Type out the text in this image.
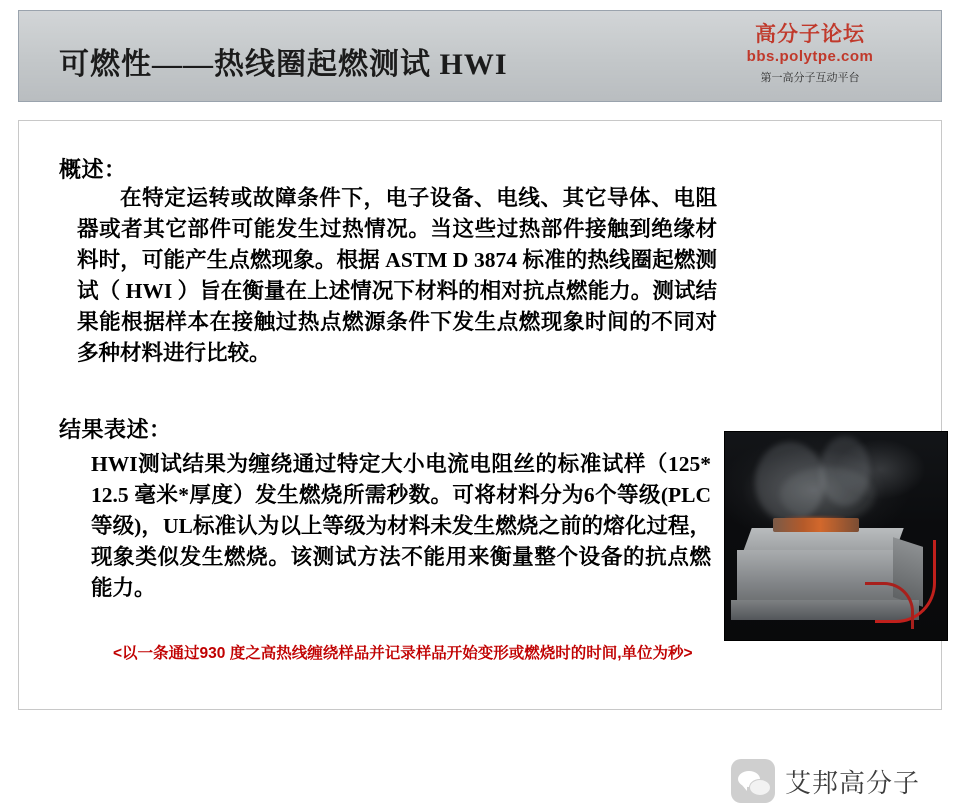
可燃性——热线圈起燃测试 HWI
高分子论坛
bbs.polytpe.com
第一高分子互动平台
概述：
在特定运转或故障条件下，电子设备、电线、其它导体、电阻器或者其它部件可能发生过热情况。当这些过热部件接触到绝缘材料时，可能产生点燃现象。根据 ASTM D 3874 标准的热线圈起燃测试（ HWI ）旨在衡量在上述情况下材料的相对抗点燃能力。测试结果能根据样本在接触过热点燃源条件下发生点燃现象时间的不同对多种材料进行比较。
结果表述：
HWI测试结果为缠绕通过特定大小电流电阻丝的标准试样（125* 12.5 毫米*厚度）发生燃烧所需秒数。可将材料分为6个等级(PLC等级)，UL标准认为以上等级为材料未发生燃烧之前的熔化过程，现象类似发生燃烧。该测试方法不能用来衡量整个设备的抗点燃能力。
<以一条通过930 度之高热线缠绕样品并记录样品开始变形或燃烧时的时间,单位为秒>
艾邦高分子
